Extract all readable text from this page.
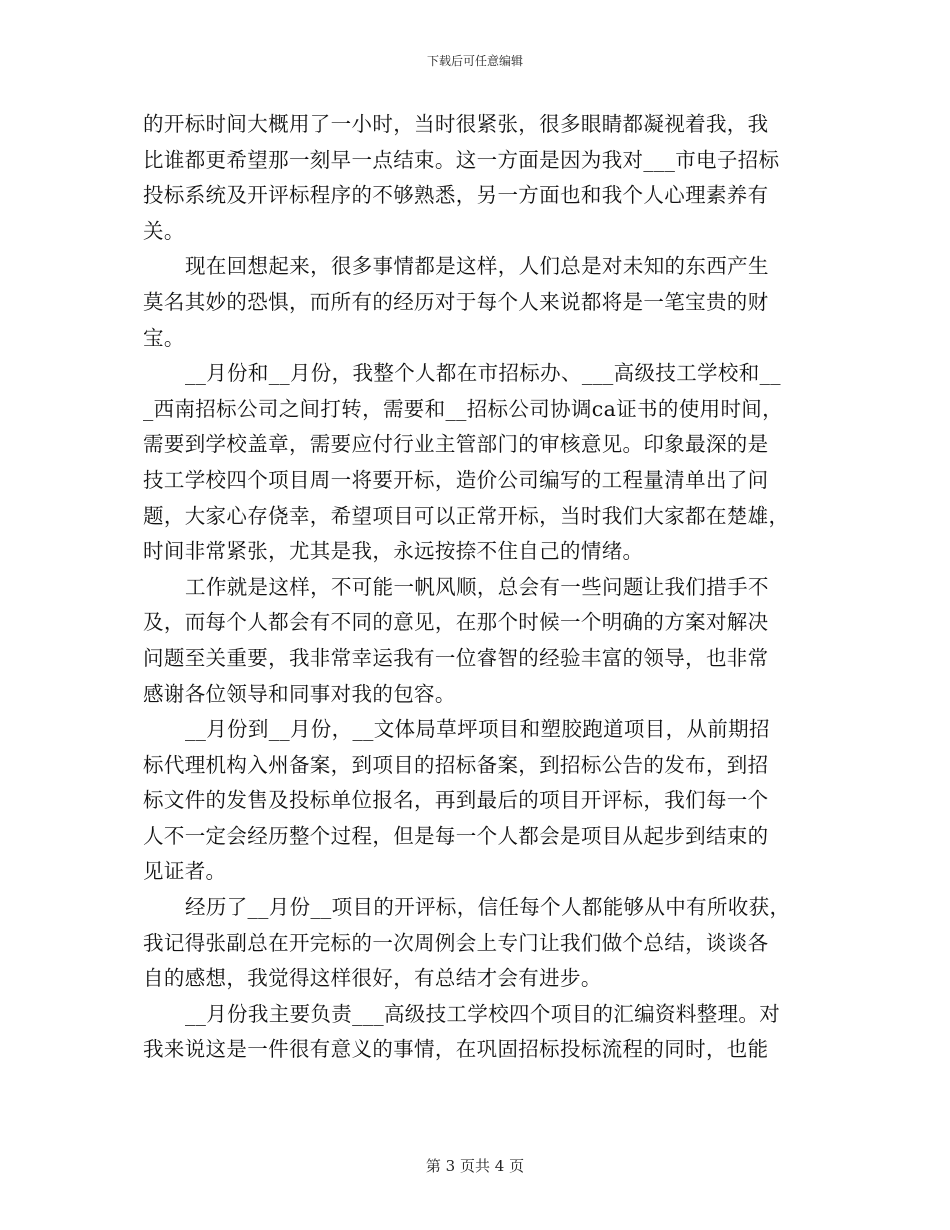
下载后可任意编辑
的开标时间大概用了一小时，当时很紧张，很多眼睛都凝视着我，我
比谁都更希望那一刻早一点结束。这一方面是因为我对___市电子招标
投标系统及开评标程序的不够熟悉，另一方面也和我个人心理素养有
关。
现在回想起来，很多事情都是这样，人们总是对未知的东西产生
莫名其妙的恐惧，而所有的经历对于每个人来说都将是一笔宝贵的财
宝。
__月份和__月份，我整个人都在市招标办、___高级技工学校和__
_西南招标公司之间打转，需要和__招标公司协调ca证书的使用时间，
需要到学校盖章，需要应付行业主管部门的审核意见。印象最深的是
技工学校四个项目周一将要开标，造价公司编写的工程量清单出了问
题，大家心存侥幸，希望项目可以正常开标，当时我们大家都在楚雄，
时间非常紧张，尤其是我，永远按捺不住自己的情绪。
工作就是这样，不可能一帆风顺，总会有一些问题让我们措手不
及，而每个人都会有不同的意见，在那个时候一个明确的方案对解决
问题至关重要，我非常幸运我有一位睿智的经验丰富的领导，也非常
感谢各位领导和同事对我的包容。
__月份到__月份，__文体局草坪项目和塑胶跑道项目，从前期招
标代理机构入州备案，到项目的招标备案，到招标公告的发布，到招
标文件的发售及投标单位报名，再到最后的项目开评标，我们每一个
人不一定会经历整个过程，但是每一个人都会是项目从起步到结束的
见证者。
经历了__月份__项目的开评标，信任每个人都能够从中有所收获，
我记得张副总在开完标的一次周例会上专门让我们做个总结，谈谈各
自的感想，我觉得这样很好，有总结才会有进步。
__月份我主要负责___高级技工学校四个项目的汇编资料整理。对
我来说这是一件很有意义的事情，在巩固招标投标流程的同时，也能
第 3 页共 4 页
